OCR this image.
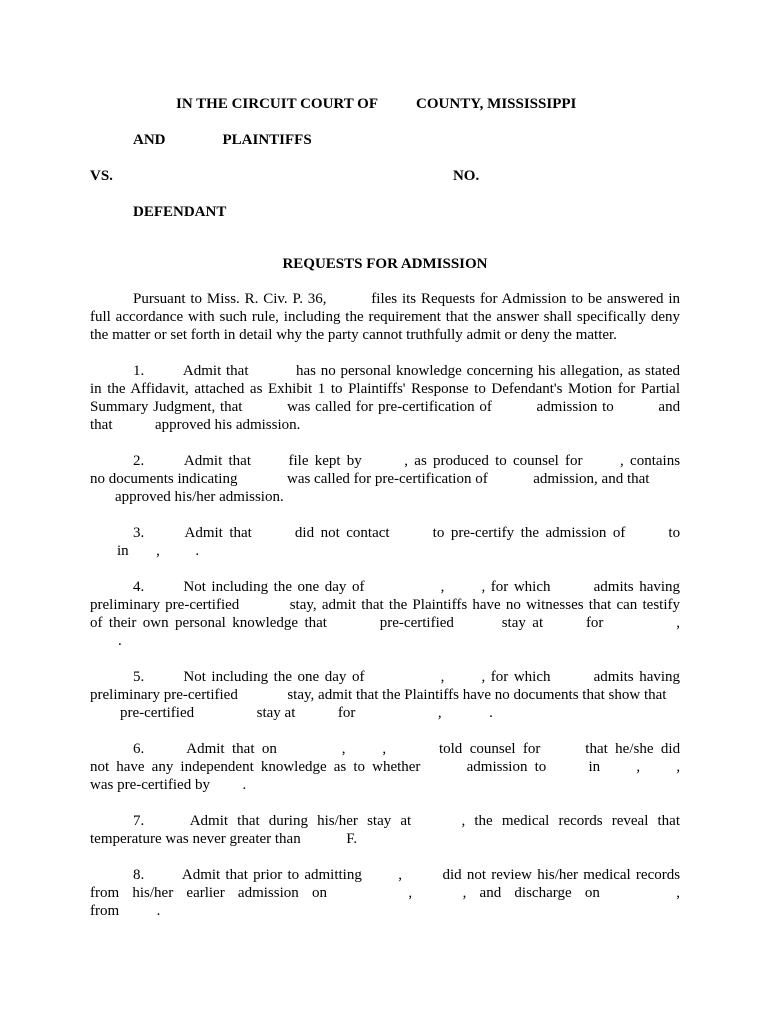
IN THE CIRCUIT COURT OF	COUNTY, MISSISSIPPI
AND	PLAINTIFFS
VS.	NO.
DEFENDANT
REQUESTS FOR ADMISSION
Pursuant to Miss. R. Civ. P. 36,	files its Requests for Admission to be answered in
full accordance with such rule, including the requirement that the answer shall specifically deny
the matter or set forth in detail why the party cannot truthfully admit or deny the matter.
1.	Admit that	has no personal knowledge concerning his allegation, as stated
in the Affidavit, attached as Exhibit 1 to Plaintiffs' Response to Defendant's Motion for Partial
Summary Judgment, that	was called for pre-certification of	admission to	and
that	approved his admission.
2.	Admit that	file kept by	, as produced to counsel for	, contains
no documents indicating	was called for pre-certification of	admission, and that
approved his/her admission.
3.	Admit that	did not contact	to pre-certify the admission of	to
in , .
4.	Not including the one day of	, , for which	admits having
preliminary pre-certified	stay, admit that the Plaintiffs have no witnesses that can testify
of their own personal knowledge that	pre-certified	stay at	for	,
.
5.	Not including the one day of	, , for which	admits having
preliminary pre-certified	stay, admit that the Plaintiffs have no documents that show that
pre-certified	stay at	for	,	.
6.	Admit that on	, ,	told counsel for	that he/she did
not have any independent knowledge as to whether	admission to	in , ,
was pre-certified by .
7.	Admit that during his/her stay at	, the medical records reveal that
temperature was never greater than	F.
8.	Admit that prior to admitting ,	did not review his/her medical records
from his/her earlier admission on	,	, and discharge on	,
from	.
